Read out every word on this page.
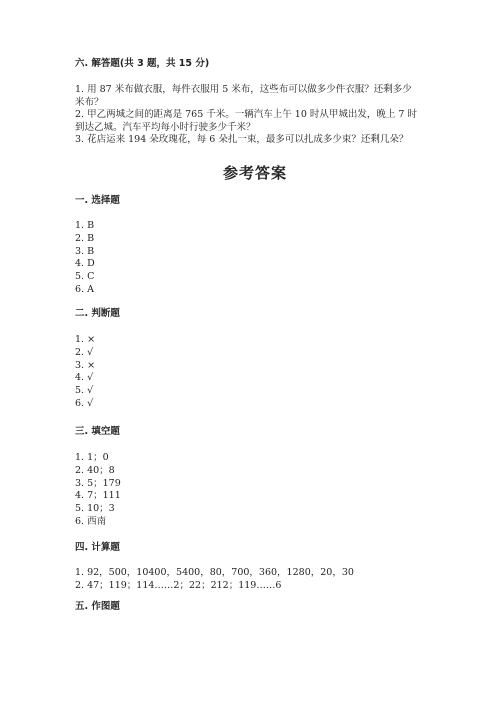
六. 解答题(共 3 题，共 15 分)

1. 用 87 米布做衣服，每件衣服用 5 米布，这些布可以做多少件衣服？还剩多少
米布？

2. 甲乙两城之间的距离是 765 千米。一辆汽车上午 10 时从甲城出发，晚上 7 时
到达乙城。汽车平均每小时行驶多少千米？

3. 花店运来 194 朵玫瑰花，每 6 朵扎一束，最多可以扎成多少束？还剩几朵？

参考答案

一. 选择题

1. B
2. B
3. B
4. D
5. C
6. A

二. 判断题

1. ×
2. √
3. ×
4. √
5. √
6. √

三. 填空题

1. 1；0
2. 40；8
3. 5；179
4. 7；111
5. 10；3
6. 西南

四. 计算题

1. 92，500，10400，5400，80，700，360，1280，20，30
2. 47；119；114……2；22；212；119……6

五. 作图题
